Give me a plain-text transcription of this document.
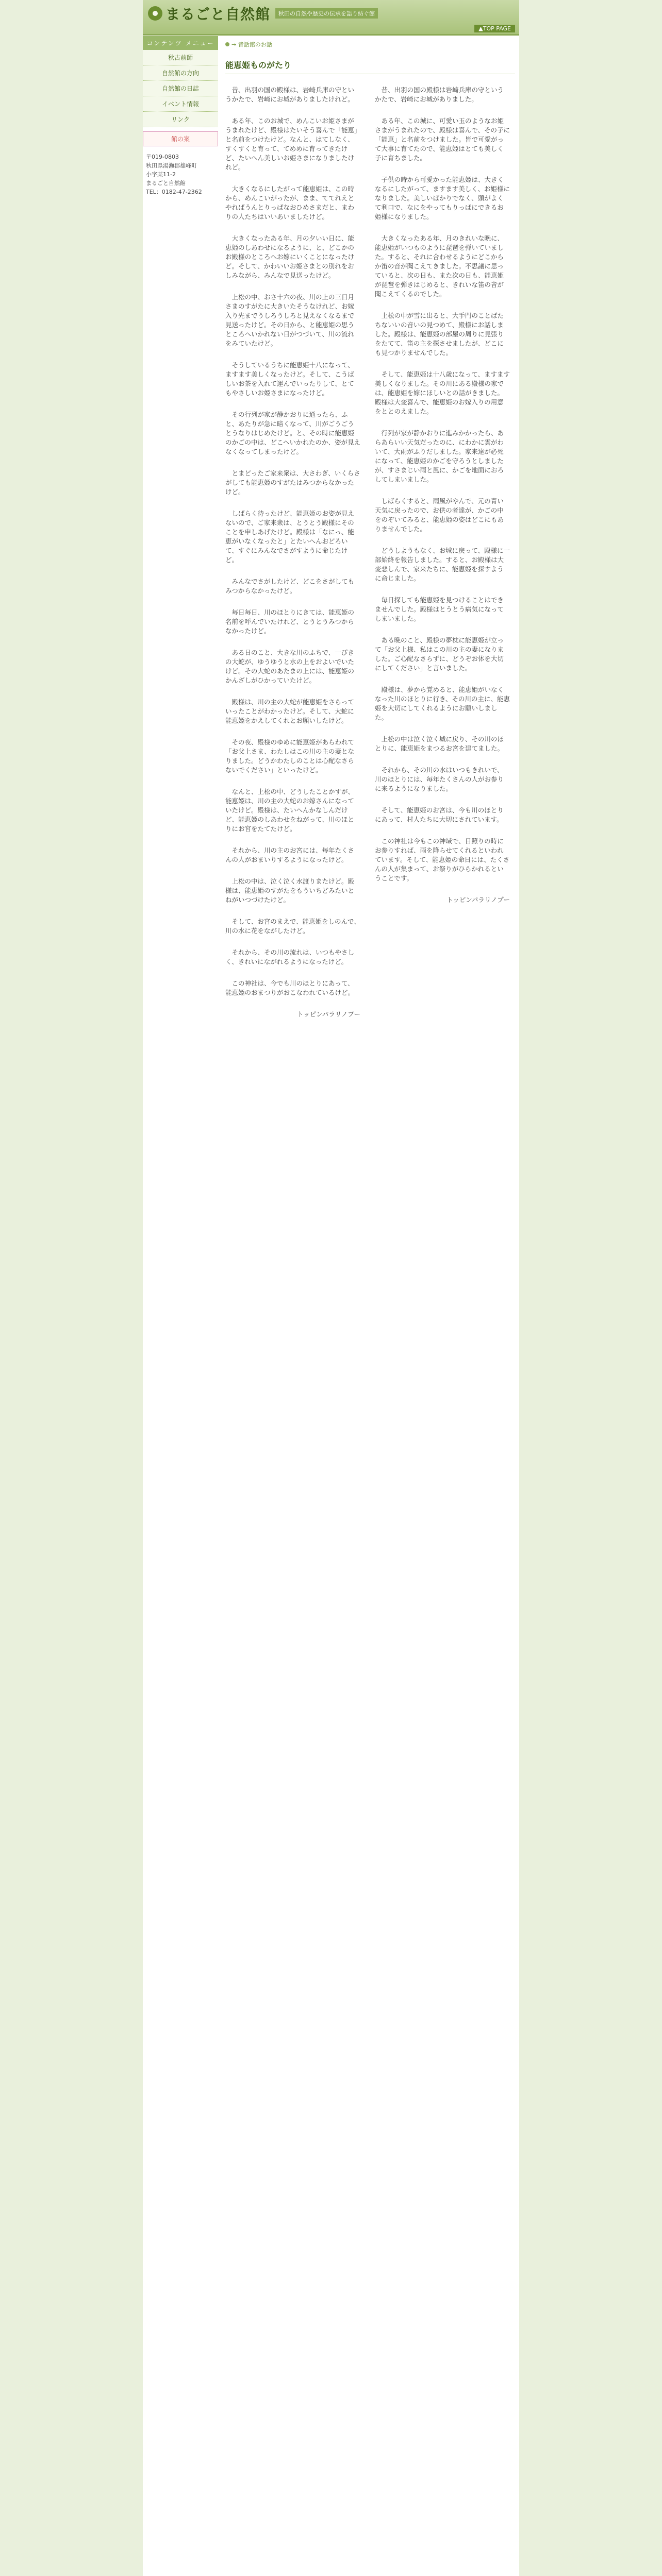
まるごと自然館	秋田の自然や歴史の伝承を語り紡ぐ館
▲TOP PAGE
コンテンツ メニュー
秋古前師
自然館の方向
自然館の日誌
イベント情報
リンク
館の案
〒019-0803
秋田県湯瀬郡雄峰町
小字某11-2
まるごと自然館
TEL：0182-47-2362
→ 昔話館のお話
能恵姫ものがたり

　昔、出羽の国の殿様は、岩崎兵庫の守というかたで、岩崎にお城がありましたけれど。

　ある年、このお城で、めんこいお姫さまがうまれたけど、殿様はたいそう喜んで「能恵」と名前をつけたけど。なんと、はてしなく、すくすくと育って、てめめに育ってきたけど、たいへん美しいお姫さまになりましたけれど。

　大きくなるにしたがって能恵姫は、この時から、めんこいがったが、まま、ててれえとやればうんとりっぱなおひめさまだと、まわりの人たちはいいあいましたけど。

　大きくなったある年、月の夕いい日に、能恵姫のしあわせになるように、と、どこかのお殿様のところへお嫁にいくことになったけど。そして、かわいいお姫さまとの別れをおしみながら、みんなで見送ったけど。

　上松の中、おさ十六の夜、川の上の三日月さまのすがたに大きいたそうなけれど、お嫁入り先までうしろうしろと見えなくなるまで見送ったけど。その日から、と能恵姫の思うところへいかれない日がつづいて、川の流れをみていたけど。

　そうしているうちに能恵姫十八になって、ますます美しくなったけど。そして、こうばしいお茶を入れて運んでいったりして、とてもやさしいお姫さまになったけど。

　その行列が家が静かおりに通ったら、ふと、あたりが急に暗くなって、川がごうごうとうなりはじめたけど。と、その時に能恵姫のかごの中は、どこへいかれたのか、姿が見えなくなってしまったけど。

　とまどったご家来衆は、大さわぎ、いくらさがしても能恵姫のすがたはみつからなかったけど。

　しばらく待ったけど、能恵姫のお姿が見えないので、ご家来衆は、とうとう殿様にそのことを申しあげたけど。殿様は「なにっ、能恵がいなくなったと」とたいへんおどろいて、すぐにみんなでさがすように命じたけど。

　みんなでさがしたけど、どこをさがしてもみつからなかったけど。

　毎日毎日、川のほとりにきては、能恵姫の名前を呼んでいたけれど、とうとうみつからなかったけど。

　ある日のこと、大きな川のふちで、一ぴきの大蛇が、ゆうゆうと水の上をおよいでいたけど。その大蛇のあたまの上には、能恵姫のかんざしがひかっていたけど。

　殿様は、川の主の大蛇が能恵姫をさらっていったことがわかったけど。そして、大蛇に能恵姫をかえしてくれとお願いしたけど。

　その夜、殿様のゆめに能恵姫があらわれて「お父上さま、わたしはこの川の主の妻となりました。どうかわたしのことは心配なさらないでください」といったけど。

　なんと、上松の中、どうしたことかすが、能恵姫は、川の主の大蛇のお嫁さんになっていたけど。殿様は、たいへんかなしんだけど、能恵姫のしあわせをねがって、川のほとりにお宮をたてたけど。

　それから、川の主のお宮には、毎年たくさんの人がおまいりするようになったけど。

　上松の中は、泣く泣く水渡りまたけど。殿様は、能恵姫のすがたをもういちどみたいとねがいつづけたけど。

　そして、お宮のまえで、能恵姫をしのんで、川の水に花をながしたけど。

　それから、その川の流れは、いつもやさしく、きれいにながれるようになったけど。

　この神社は、今でも川のほとりにあって、能恵姫のおまつりがおこなわれているけど。

トッピンパラリノプー

　昔、出羽の国の殿様は岩崎兵庫の守というかたで、岩崎にお城がありました。

　ある年、この城に、可愛い玉のようなお姫さまがうまれたので、殿様は喜んで、その子に「能恵」と名前をつけました。皆で可愛がって大事に育てたので、能恵姫はとても美しく子に育ちました。

　子供の時から可愛かった能恵姫は、大きくなるにしたがって、ますます美しく、お姫様になりました。美しいばかりでなく、頭がよくて利口で、なにをやってもりっぱにできるお姫様になりました。

　大きくなったある年、月のきれいな晩に、能恵姫がいつものように琵琶を弾いていました。すると、それに合わせるようにどこからか笛の音が聞こえてきました。不思議に思っていると、次の日も、また次の日も、能恵姫が琵琶を弾きはじめると、きれいな笛の音が聞こえてくるのでした。

　上松の中が雪に出ると、大手門のことばたちないいの音いの見つめて、殿様にお話しました。殿様は、能恵姫の部屋の周りに見張りをたてて、笛の主を探させましたが、どこにも見つかりませんでした。

　そして、能恵姫は十八歳になって、ますます美しくなりました。その川にある殿様の家では、能恵姫を嫁にほしいとの話がきました。殿様は大変喜んで、能恵姫のお嫁入りの用意をととのえました。

　行列が家が静かおりに進みかかったら、あらあらいい天気だったのに、にわかに雲がわいて、大雨がふりだしました。家来達が必死になって、能恵姫のかごを守ろうとしましたが、すさまじい雨と風に、かごを地面におろしてしまいました。

　しばらくすると、雨風がやんで、元の青い天気に戻ったので、お供の者達が、かごの中をのぞいてみると、能恵姫の姿はどこにもありませんでした。

　どうしようもなく、お城に戻って、殿様に一部始終を報告しました。すると、お殿様は大変悲しんで、家来たちに、能恵姫を探すように命じました。

　毎日探しても能恵姫を見つけることはできませんでした。殿様はとうとう病気になってしまいました。

　ある晩のこと、殿様の夢枕に能恵姫が立って「お父上様、私はこの川の主の妻になりました。ご心配なさらずに、どうぞお体を大切にしてください」と言いました。

　殿様は、夢から覚めると、能恵姫がいなくなった川のほとりに行き、その川の主に、能恵姫を大切にしてくれるようにお願いしました。

　上松の中は泣く泣く城に戻り、その川のほとりに、能恵姫をまつるお宮を建てました。

　それから、その川の水はいつもきれいで、川のほとりには、毎年たくさんの人がお参りに来るようになりました。

　そして、能恵姫のお宮は、今も川のほとりにあって、村人たちに大切にされています。

　この神社は今もこの神域で、日照りの時にお参りすれば、雨を降らせてくれるといわれています。そして、能恵姫の命日には、たくさんの人が集まって、お祭りがひらかれるということです。

トッピンパラリノプー
